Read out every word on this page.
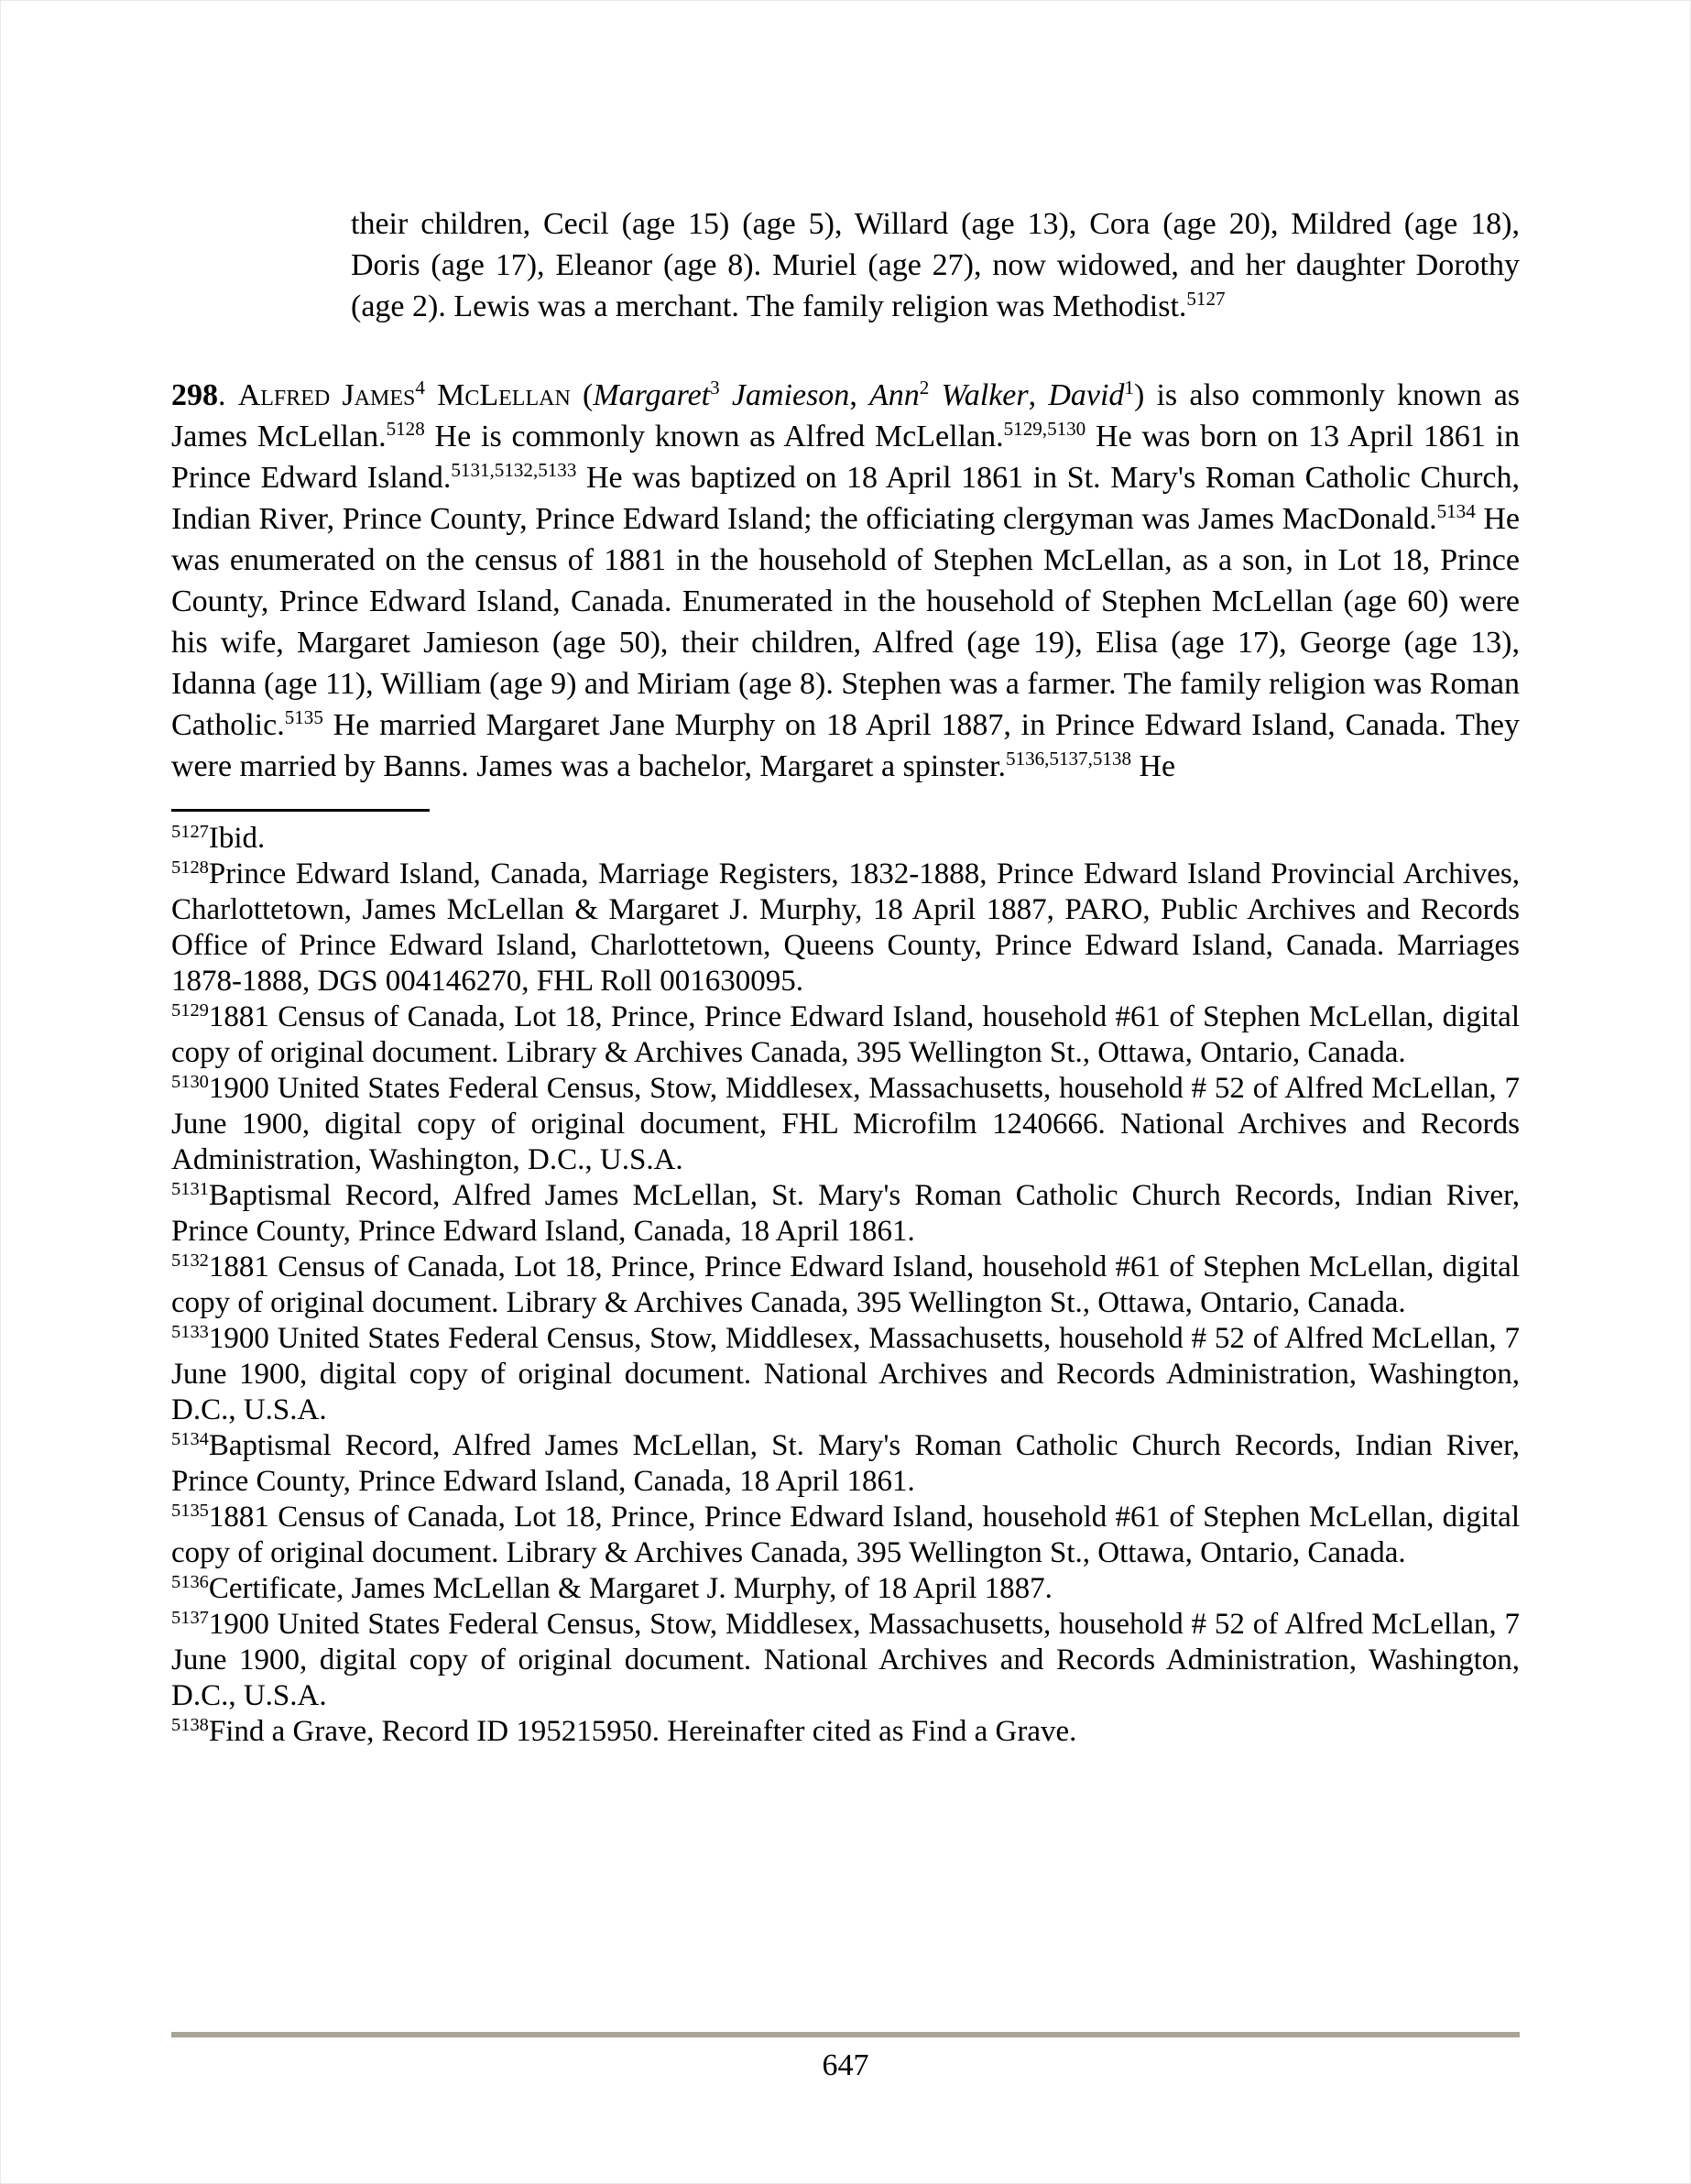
their children, Cecil (age 15) (age 5), Willard (age 13), Cora (age 20), Mildred (age 18), Doris (age 17), Eleanor (age 8). Muriel (age 27), now widowed, and her daughter Dorothy (age 2). Lewis was a merchant. The family religion was Methodist.$^{5127}$
298. Alfred James$^4$ McLellan (Margaret$^3$ Jamieson, Ann$^2$ Walker, David$^1$) is also commonly known as James McLellan.$^{5128}$ He is commonly known as Alfred McLellan.$^{5129,5130}$ He was born on 13 April 1861 in Prince Edward Island.$^{5131,5132,5133}$ He was baptized on 18 April 1861 in St. Mary's Roman Catholic Church, Indian River, Prince County, Prince Edward Island; the officiating clergyman was James MacDonald.$^{5134}$ He was enumerated on the census of 1881 in the household of Stephen McLellan, as a son, in Lot 18, Prince County, Prince Edward Island, Canada. Enumerated in the household of Stephen McLellan (age 60) were his wife, Margaret Jamieson (age 50), their children, Alfred (age 19), Elisa (age 17), George (age 13), Idanna (age 11), William (age 9) and Miriam (age 8). Stephen was a farmer. The family religion was Roman Catholic.$^{5135}$ He married Margaret Jane Murphy on 18 April 1887, in Prince Edward Island, Canada. They were married by Banns. James was a bachelor, Margaret a spinster.$^{5136,5137,5138}$ He
$^{5127}$Ibid.
$^{5128}$Prince Edward Island, Canada, Marriage Registers, 1832-1888, Prince Edward Island Provincial Archives, Charlottetown, James McLellan & Margaret J. Murphy, 18 April 1887, PARO, Public Archives and Records Office of Prince Edward Island, Charlottetown, Queens County, Prince Edward Island, Canada. Marriages 1878-1888, DGS 004146270, FHL Roll 001630095.
$^{5129}$1881 Census of Canada, Lot 18, Prince, Prince Edward Island, household #61 of Stephen McLellan, digital copy of original document. Library & Archives Canada, 395 Wellington St., Ottawa, Ontario, Canada.
$^{5130}$1900 United States Federal Census, Stow, Middlesex, Massachusetts, household # 52 of Alfred McLellan, 7 June 1900, digital copy of original document, FHL Microfilm 1240666. National Archives and Records Administration, Washington, D.C., U.S.A.
$^{5131}$Baptismal Record, Alfred James McLellan, St. Mary's Roman Catholic Church Records, Indian River, Prince County, Prince Edward Island, Canada, 18 April 1861.
$^{5132}$1881 Census of Canada, Lot 18, Prince, Prince Edward Island, household #61 of Stephen McLellan, digital copy of original document. Library & Archives Canada, 395 Wellington St., Ottawa, Ontario, Canada.
$^{5133}$1900 United States Federal Census, Stow, Middlesex, Massachusetts, household # 52 of Alfred McLellan, 7 June 1900, digital copy of original document. National Archives and Records Administration, Washington, D.C., U.S.A.
$^{5134}$Baptismal Record, Alfred James McLellan, St. Mary's Roman Catholic Church Records, Indian River, Prince County, Prince Edward Island, Canada, 18 April 1861.
$^{5135}$1881 Census of Canada, Lot 18, Prince, Prince Edward Island, household #61 of Stephen McLellan, digital copy of original document. Library & Archives Canada, 395 Wellington St., Ottawa, Ontario, Canada.
$^{5136}$Certificate, James McLellan & Margaret J. Murphy, of 18 April 1887.
$^{5137}$1900 United States Federal Census, Stow, Middlesex, Massachusetts, household # 52 of Alfred McLellan, 7 June 1900, digital copy of original document. National Archives and Records Administration, Washington, D.C., U.S.A.
$^{5138}$Find a Grave, Record ID 195215950. Hereinafter cited as Find a Grave.
647
